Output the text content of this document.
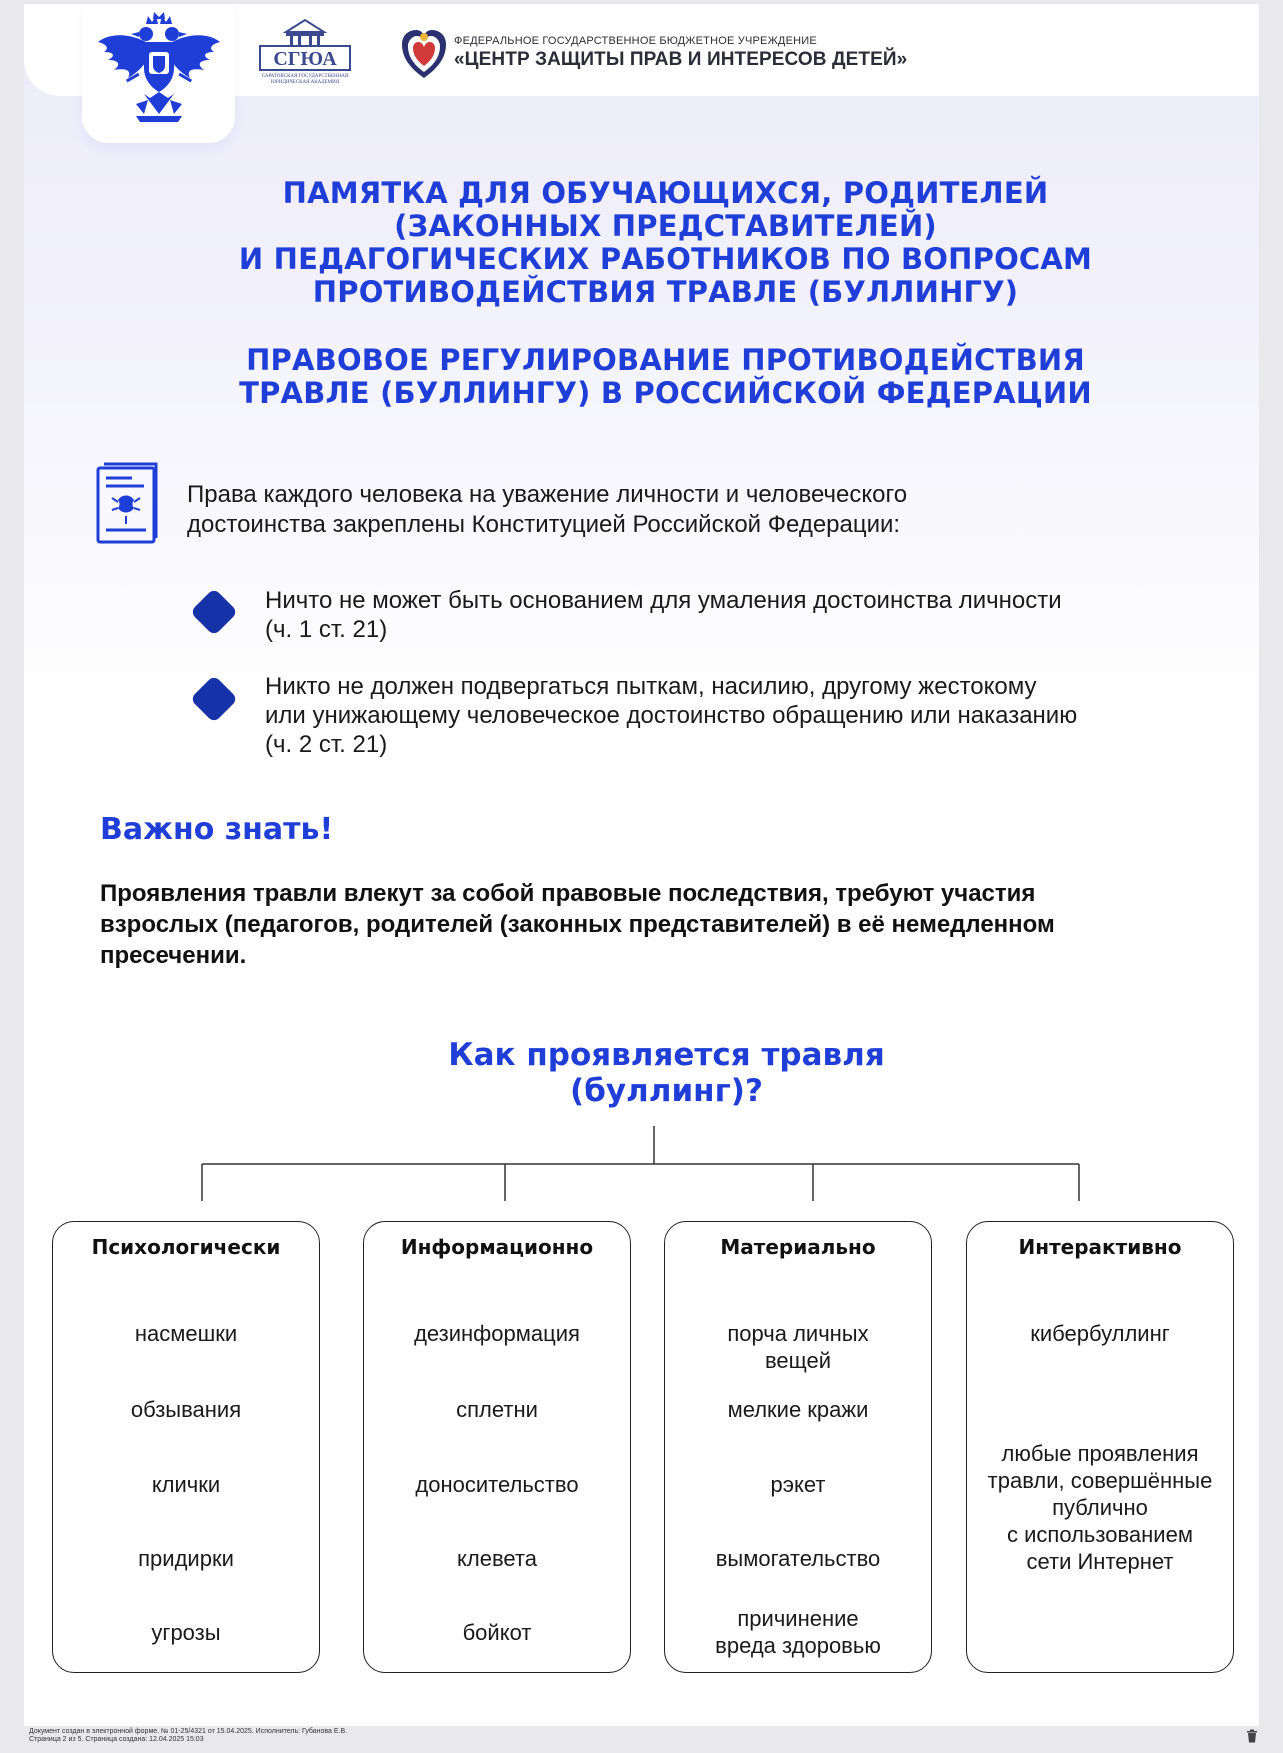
СГЮА
САРАТОВСКАЯ ГОСУДАРСТВЕННАЯ ЮРИДИЧЕСКАЯ АКАДЕМИЯ
ФЕДЕРАЛЬНОЕ ГОСУДАРСТВЕННОЕ БЮДЖЕТНОЕ УЧРЕЖДЕНИЕ
«ЦЕНТР ЗАЩИТЫ ПРАВ И ИНТЕРЕСОВ ДЕТЕЙ»
ПАМЯТКА ДЛЯ ОБУЧАЮЩИХСЯ, РОДИТЕЛЕЙ
(ЗАКОННЫХ ПРЕДСТАВИТЕЛЕЙ)
И ПЕДАГОГИЧЕСКИХ РАБОТНИКОВ ПО ВОПРОСАМ
ПРОТИВОДЕЙСТВИЯ ТРАВЛЕ (БУЛЛИНГУ)
ПРАВОВОЕ РЕГУЛИРОВАНИЕ ПРОТИВОДЕЙСТВИЯ
ТРАВЛЕ (БУЛЛИНГУ) В РОССИЙСКОЙ ФЕДЕРАЦИИ
Права каждого человека на уважение личности и человеческого
достоинства закреплены Конституцией Российской Федерации:
Ничто не может быть основанием для умаления достоинства личности
(ч. 1 ст. 21)
Никто не должен подвергаться пыткам, насилию, другому жестокому
или унижающему человеческое достоинство обращению или наказанию
(ч. 2 ст. 21)
Важно знать!
Проявления травли влекут за собой правовые последствия, требуют участия
взрослых (педагогов, родителей (законных представителей) в её немедленном
пресечении.
Как проявляется травля
(буллинг)?
Психологически
насмешки
обзывания
клички
придирки
угрозы
Информационно
дезинформация
сплетни
доносительство
клевета
бойкот
Материально
порча личных
вещей
мелкие кражи
рэкет
вымогательство
причинение
вреда здоровью
Интерактивно
кибербуллинг
любые проявления
травли, совершённые
публично
с использованием
сети Интернет
Документ создан в электронной форме. № 01-25/4321 от 15.04.2025. Исполнитель: Губанова Е.В.
Страница 2 из 5. Страница создана: 12.04.2025 15:03
